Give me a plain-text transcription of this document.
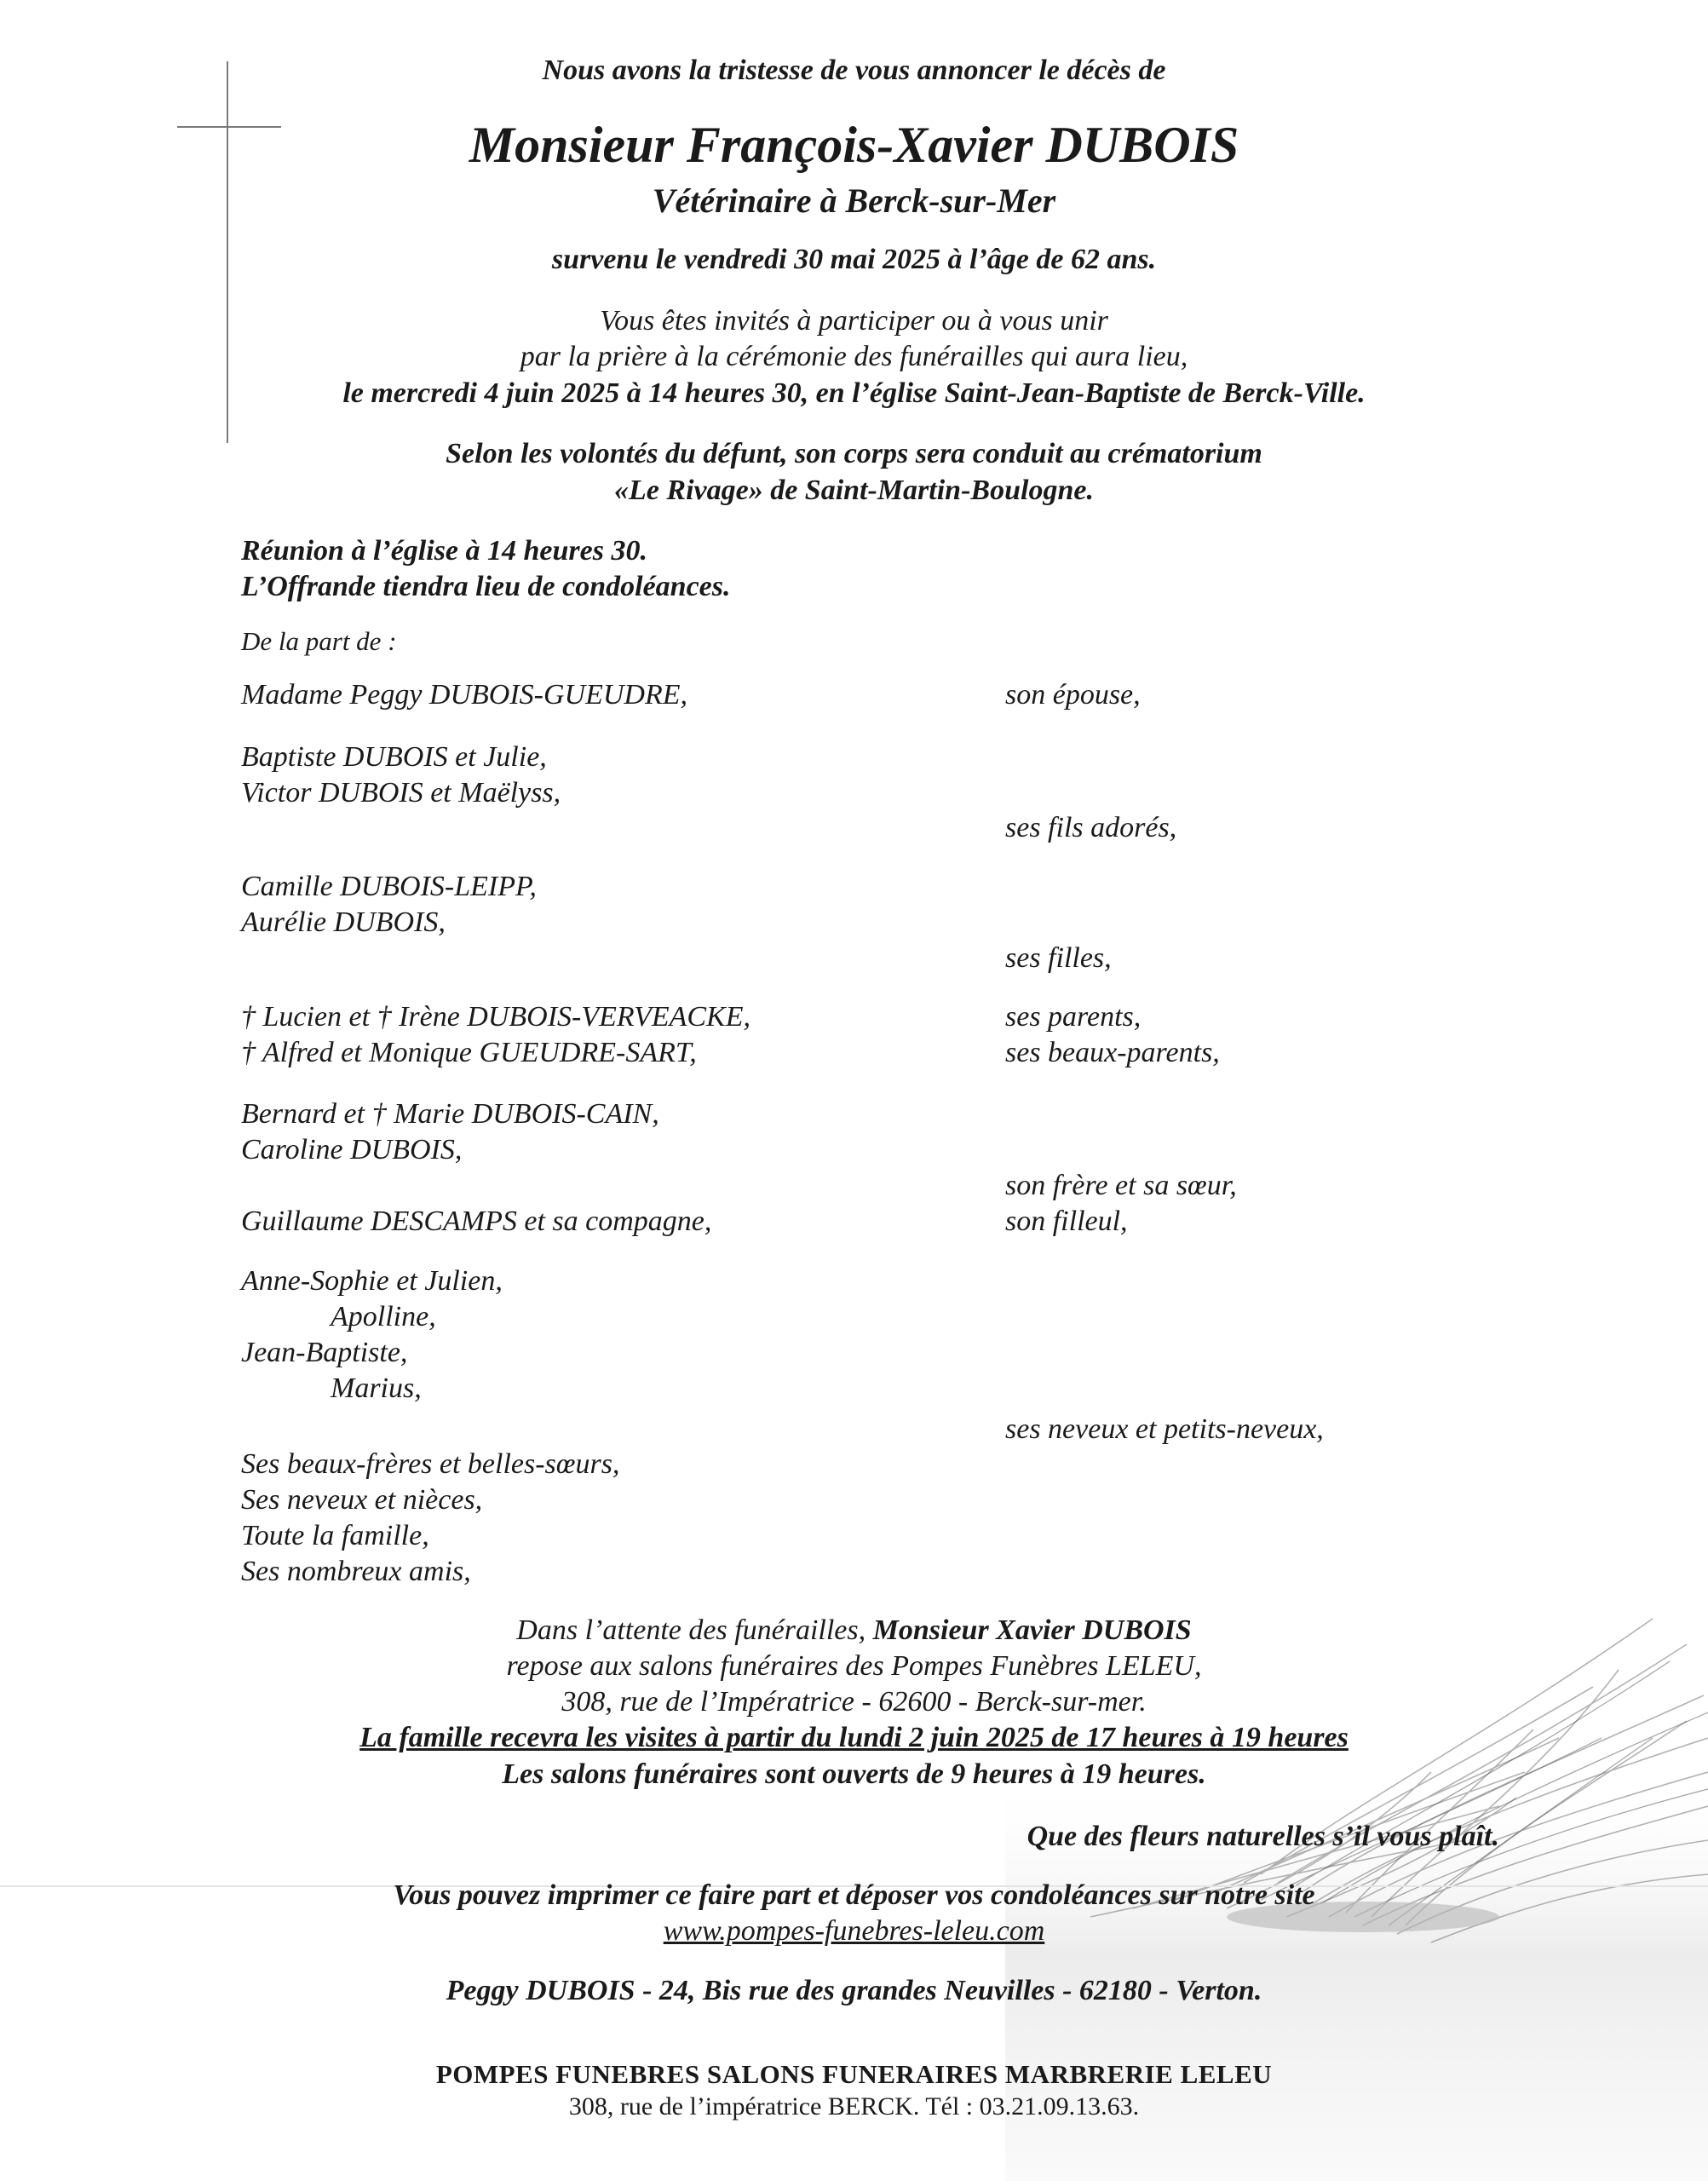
Nous avons la tristesse de vous annoncer le décès de
Monsieur François-Xavier DUBOIS
Vétérinaire à Berck-sur-Mer
survenu le vendredi 30 mai 2025 à l’âge de 62 ans.
Vous êtes invités à participer ou à vous unir
par la prière à la cérémonie des funérailles qui aura lieu,
le mercredi 4 juin 2025 à 14 heures 30, en l’église Saint-Jean-Baptiste de Berck-Ville.
Selon les volontés du défunt, son corps sera conduit au crématorium
«Le Rivage» de Saint-Martin-Boulogne.
Réunion à l’église à 14 heures 30.
L’Offrande tiendra lieu de condoléances.
De la part de :
Madame Peggy DUBOIS-GUEUDRE,
Baptiste DUBOIS et Julie,
Victor DUBOIS et Maëlyss,
Camille DUBOIS-LEIPP,
Aurélie DUBOIS,
† Lucien et † Irène DUBOIS-VERVEACKE,
† Alfred et Monique GUEUDRE-SART,
Bernard et † Marie DUBOIS-CAIN,
Caroline DUBOIS,
Guillaume DESCAMPS et sa compagne,
Anne-Sophie et Julien,
Apolline,
Jean-Baptiste,
Marius,
Ses beaux-frères et belles-sœurs,
Ses neveux et nièces,
Toute la famille,
Ses nombreux amis,
son épouse,
ses fils adorés,
ses filles,
ses parents,
ses beaux-parents,
son frère et sa sœur,
son filleul,
ses neveux et petits-neveux,
Dans l’attente des funérailles, Monsieur Xavier DUBOIS
repose aux salons funéraires des Pompes Funèbres LELEU,
308, rue de l’Impératrice - 62600 - Berck-sur-mer.
La famille recevra les visites à partir du lundi 2 juin 2025 de 17 heures à 19 heures
Les salons funéraires sont ouverts de 9 heures à 19 heures.
Que des fleurs naturelles s’il vous plaît.
Vous pouvez imprimer ce faire part et déposer vos condoléances sur notre site
www.pompes-funebres-leleu.com
Peggy DUBOIS - 24, Bis rue des grandes Neuvilles - 62180 - Verton.
POMPES FUNEBRES SALONS FUNERAIRES MARBRERIE LELEU
308, rue de l’impératrice BERCK. Tél : 03.21.09.13.63.
